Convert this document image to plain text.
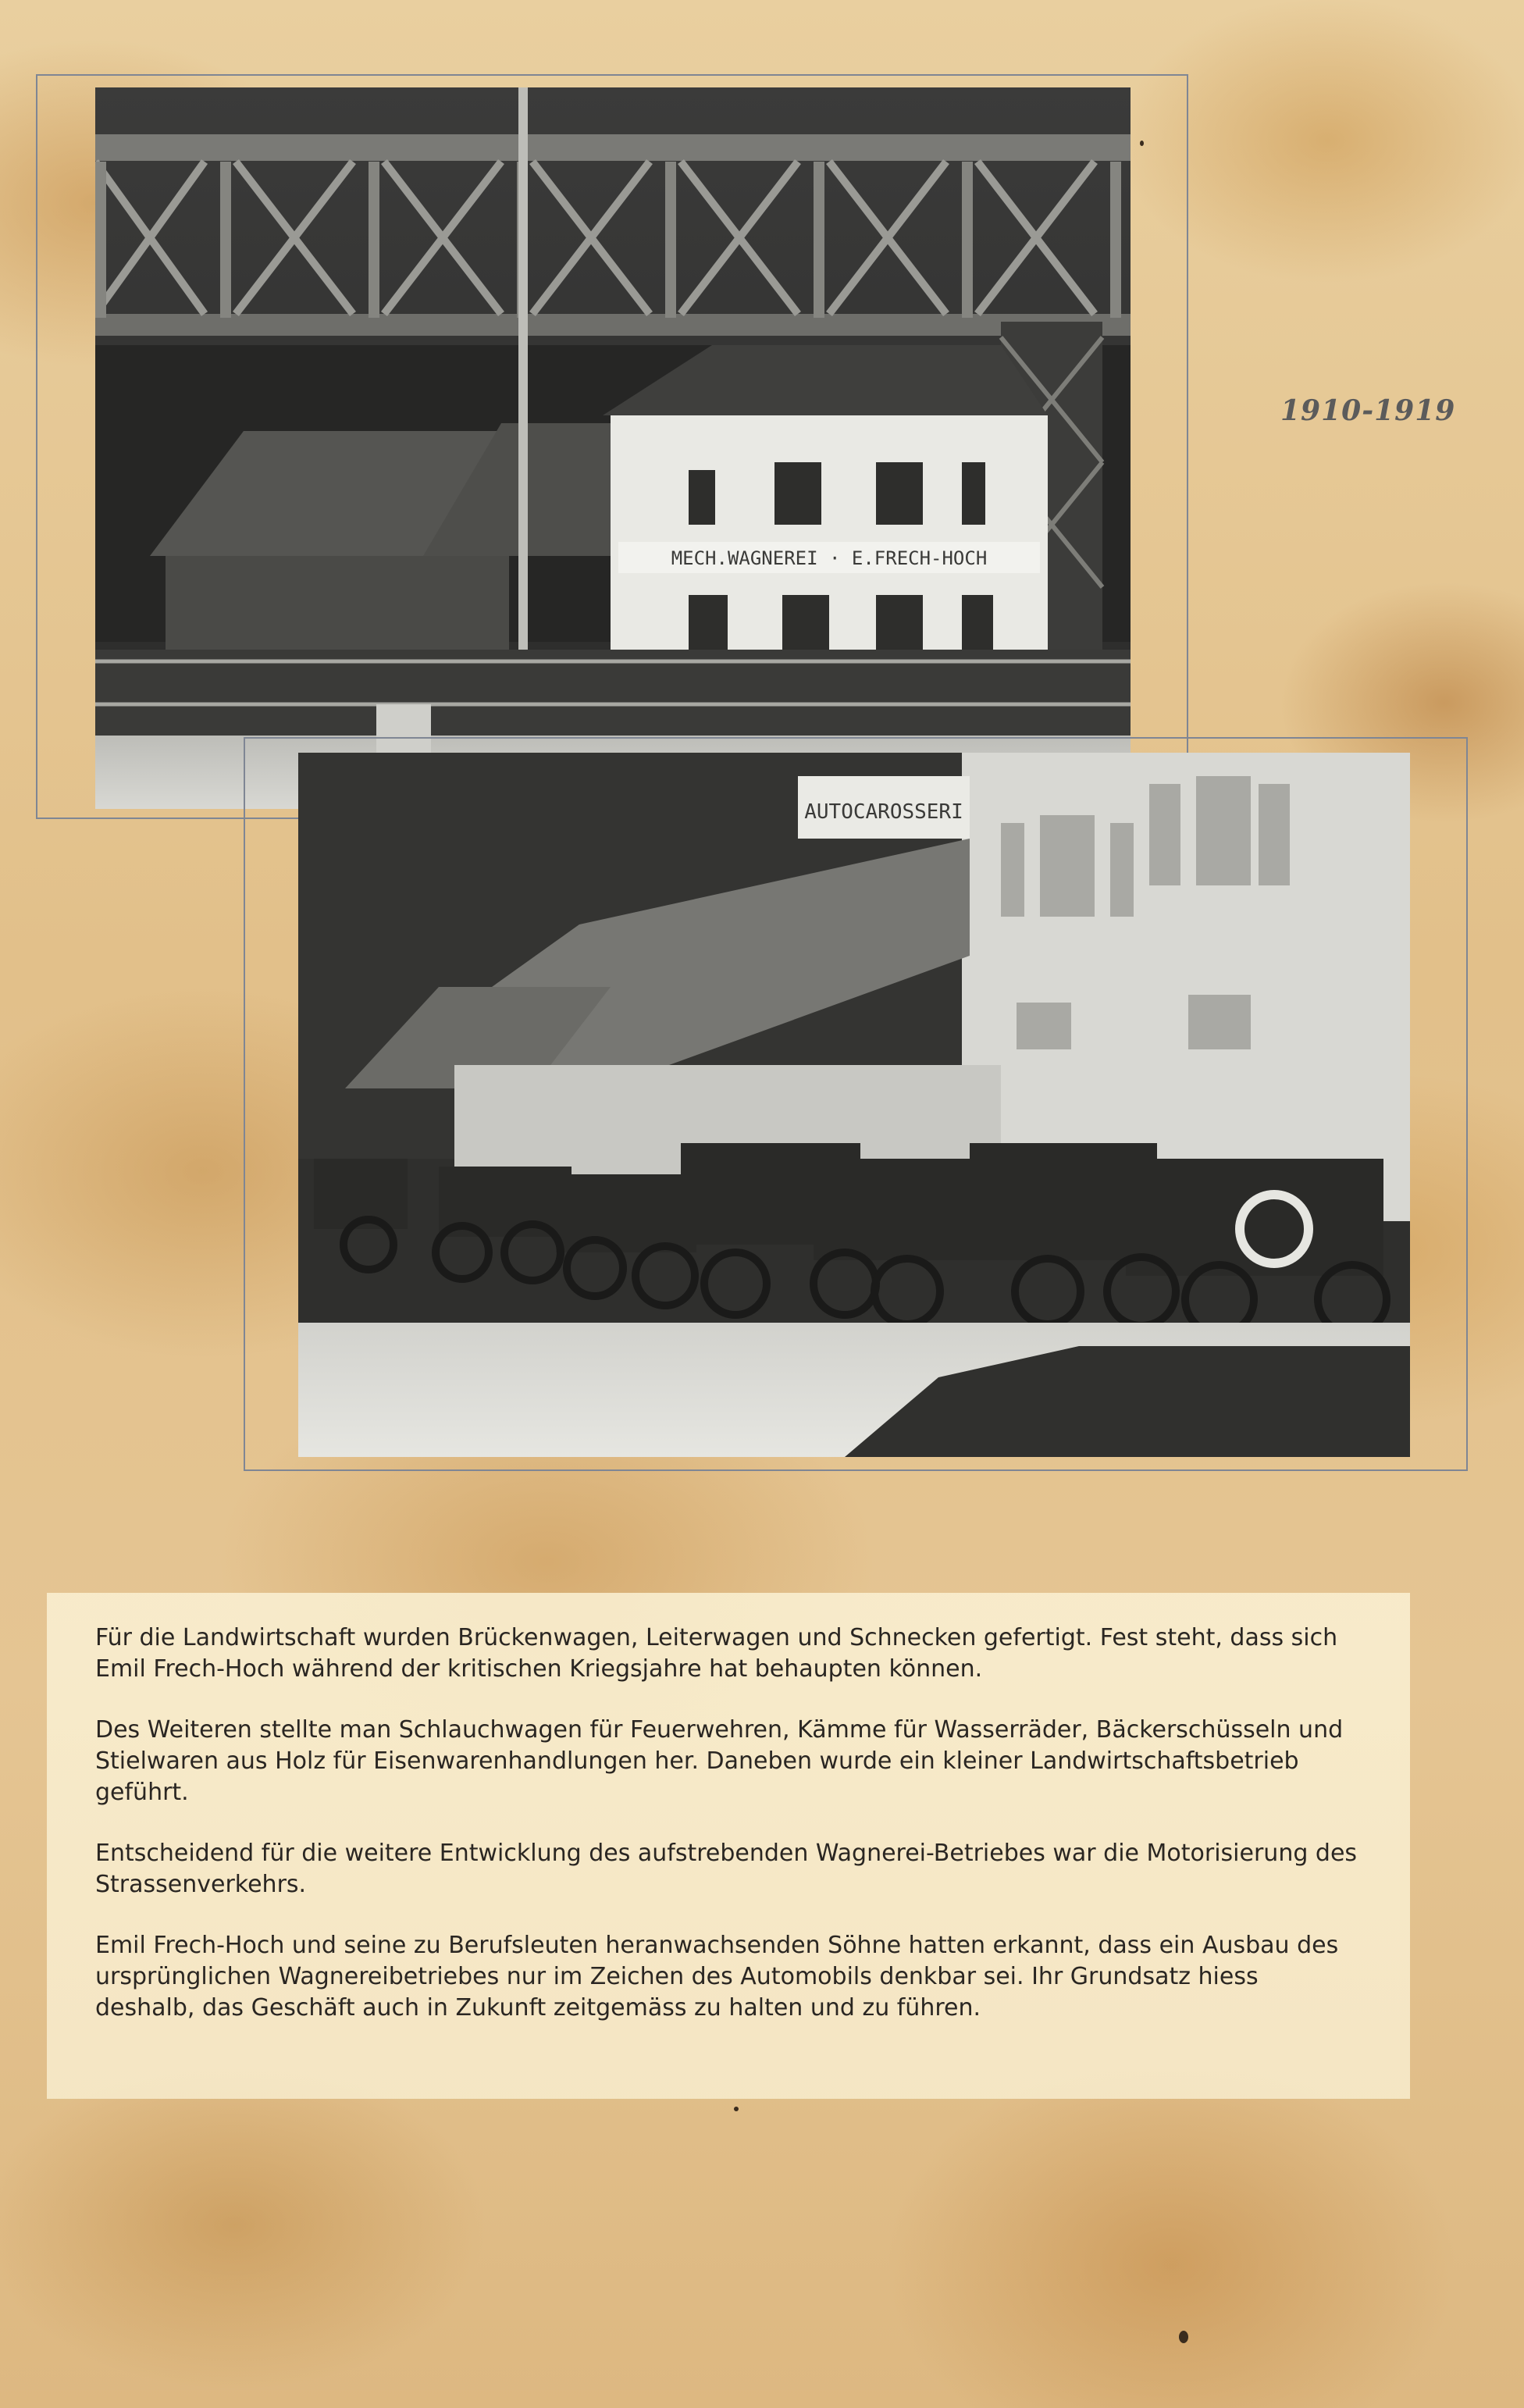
MECH.WAGNEREI · E.FRECH-HOCH
AUTOCAROSSERI
1910-1919

Für die Landwirtschaft wurden Brückenwagen, Leiterwagen und Schnecken gefertigt. Fest steht, dass sich Emil Frech-Hoch während der kritischen Kriegsjahre hat behaupten können.

Des Weiteren stellte man Schlauchwagen für Feuerwehren, Kämme für Wasserräder, Bäckerschüsseln und Stielwaren aus Holz für Eisenwarenhandlungen her. Daneben wurde ein kleiner Landwirtschaftsbetrieb geführt.

Entscheidend für die weitere Entwicklung des aufstrebenden Wagnerei-Betriebes war die Motorisierung des Strassenverkehrs.

Emil Frech-Hoch und seine zu Berufsleuten heranwachsenden Söhne hatten erkannt, dass ein Ausbau des ursprünglichen Wagnereibetriebes nur im Zeichen des Automobils denkbar sei. Ihr Grundsatz hiess deshalb, das Geschäft auch in Zukunft zeitgemäss zu halten und zu führen.
